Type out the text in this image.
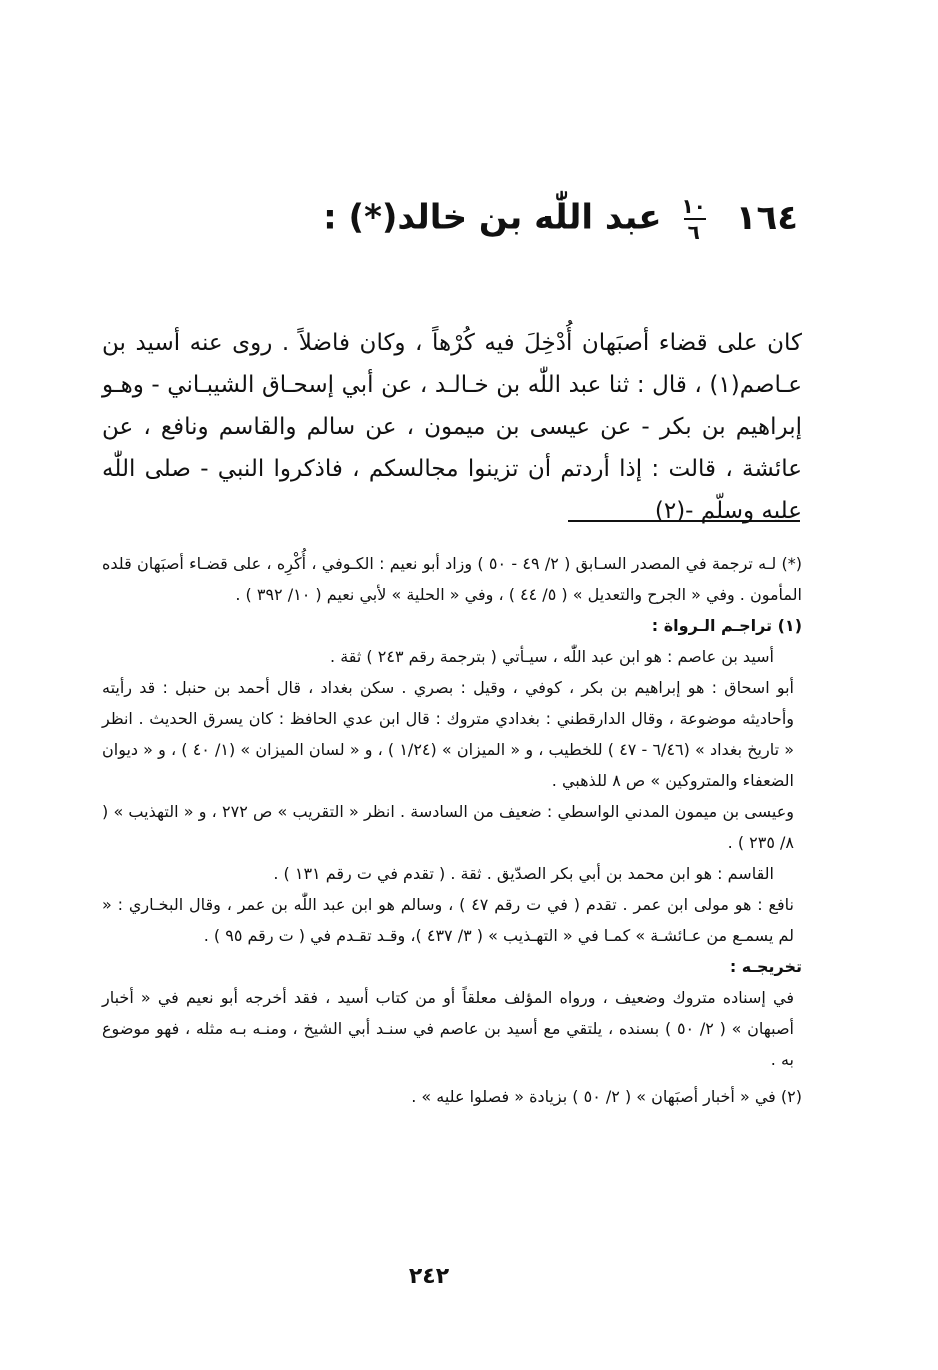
١٦٤
$\frac{١٠}{٦}$
عبد اللّٰه بن خالد(*) :

كان على قضاء أصبَهان أُدْخِلَ فيه كُرْهاً ، وكان فاضلاً . روى عنه أسيد بن عـاصم(١) ، قال : ثنا عبد اللّٰه بن خـالـد ، عن أبي إسحـاق الشيبـاني - وهـو إبراهيم بن بكر - عن عيسى بن ميمون ، عن سالم والقاسم ونافع ، عن عائشة ، قالت : إذا أردتم أن تزينوا مجالسكم ، فاذكروا النبي - صلى اللّٰه عليه وسلّم -(٢)

(*) لـه ترجمة في المصدر السـابق ( ٢/ ٤٩ - ٥٠ ) وزاد أبو نعيم : الكـوفي ، أُكْرِه ، على قضـاء أصبَهان قلده المأمون . وفي « الجرح والتعديل » ( ٥/ ٤٤ ) ، وفي « الحلية » لأبي نعيم ( ١٠/ ٣٩٢ ) .

(١) تراجـم الـرواة :

أسيد بن عاصم : هو ابن عبد اللّٰه ، سيـأتي ( بترجمة رقم ٢٤٣ ) ثقة .

أبو اسحاق : هو إبراهيم بن بكر ، كوفي ، وقيل : بصري . سكن بغداد ، قال أحمد بن حنبل : قد رأيته وأحاديثه موضوعة ، وقال الدارقطني : بغدادي متروك : قال ابن عدي الحافظ : كان يسرق الحديث . انظر « تاريخ بغداد » (٦/٤٦ - ٤٧ ) للخطيب ، و « الميزان » (١/٢٤ ) ، و « لسان الميزان » (١/ ٤٠ ) ، و « ديوان الضعفاء والمتروكين » ص ٨ للذهبي .

وعيسى بن ميمون المدني الواسطي : ضعيف من السادسة . انظر « التقريب » ص ٢٧٢ ، و « التهذيب » ( ٨/ ٢٣٥ ) .

القاسم : هو ابن محمد بن أبي بكر الصدّيق . ثقة . ( تقدم في ت رقم ١٣١ ) .

نافع : هو مولى ابن عمر . تقدم ( في ت رقم ٤٧ ) ، وسالم هو ابن عبد اللّٰه بن عمر ، وقال البخـاري : « لم يسمـع من عـائشـة » كمـا في « التهـذيب » ( ٣/ ٤٣٧ )، وقـد تقـدم في ( ت رقم ٩٥ ) .

تخريجـه :

في إسناده متروك وضعيف ، ورواه المؤلف معلقاً أو من كتاب أسيد ، فقد أخرجه أبو نعيم في « أخبار أصبهان » ( ٢/ ٥٠ ) بسنده ، يلتقي مع أسيد بن عاصم في سنـد أبي الشيخ ، ومنـه بـه مثله ، فهو موضوع به .

(٢) في « أخبار أصبَهان » ( ٢/ ٥٠ ) بزيادة « فصلوا عليه » .

٢٤٢
